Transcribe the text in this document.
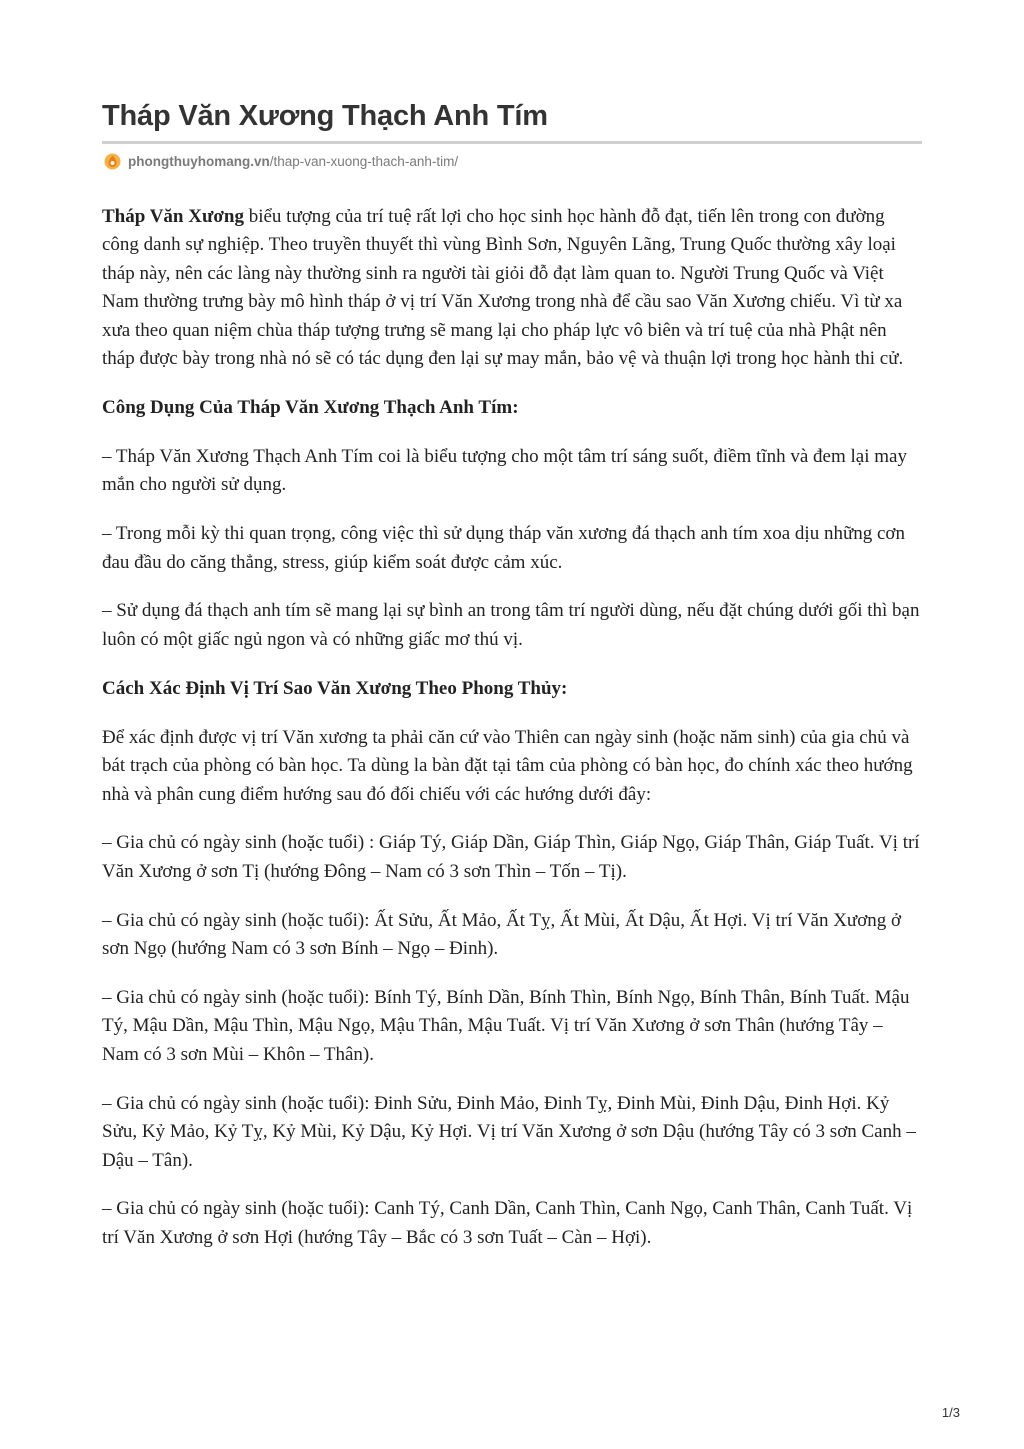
Tháp Văn Xương Thạch Anh Tím
phongthuyhomang.vn/thap-van-xuong-thach-anh-tim/

Tháp Văn Xương biểu tượng của trí tuệ rất lợi cho học sinh học hành đỗ đạt, tiến lên trong con đường công danh sự nghiệp. Theo truyền thuyết thì vùng Bình Sơn, Nguyên Lãng, Trung Quốc thường xây loại tháp này, nên các làng này thường sinh ra người tài giỏi đỗ đạt làm quan to. Người Trung Quốc và Việt Nam thường trưng bày mô hình tháp ở vị trí Văn Xương trong nhà để cầu sao Văn Xương chiếu. Vì từ xa xưa theo quan niệm chùa tháp tượng trưng sẽ mang lại cho pháp lực vô biên và trí tuệ của nhà Phật nên tháp được bày trong nhà nó sẽ có tác dụng đen lại sự may mắn, bảo vệ và thuận lợi trong học hành thi cử.

Công Dụng Của Tháp Văn Xương Thạch Anh Tím:

– Tháp Văn Xương Thạch Anh Tím coi là biểu tượng cho một tâm trí sáng suốt, điềm tĩnh và đem lại may mắn cho người sử dụng.

– Trong mỗi kỳ thi quan trọng, công việc thì sử dụng tháp văn xương đá thạch anh tím xoa dịu những cơn đau đầu do căng thẳng, stress, giúp kiểm soát được cảm xúc.

– Sử dụng đá thạch anh tím sẽ mang lại sự bình an trong tâm trí người dùng, nếu đặt chúng dưới gối thì bạn luôn có một giấc ngủ ngon và có những giấc mơ thú vị.

Cách Xác Định Vị Trí Sao Văn Xương Theo Phong Thủy:

Để xác định được vị trí Văn xương ta phải căn cứ vào Thiên can ngày sinh (hoặc năm sinh) của gia chủ và bát trạch của phòng có bàn học. Ta dùng la bàn đặt tại tâm của phòng có bàn học, đo chính xác theo hướng nhà và phân cung điểm hướng sau đó đối chiếu với các hướng dưới đây:

– Gia chủ có ngày sinh (hoặc tuổi) : Giáp Tý, Giáp Dần, Giáp Thìn, Giáp Ngọ, Giáp Thân, Giáp Tuất. Vị trí Văn Xương ở sơn Tị (hướng Đông – Nam có 3 sơn Thìn – Tốn – Tị).

– Gia chủ có ngày sinh (hoặc tuổi): Ất Sửu, Ất Mảo, Ất Tỵ, Ất Mùi, Ất Dậu, Ất Hợi. Vị trí Văn Xương ở sơn Ngọ (hướng Nam có 3 sơn Bính – Ngọ – Đinh).

– Gia chủ có ngày sinh (hoặc tuổi): Bính Tý, Bính Dần, Bính Thìn, Bính Ngọ, Bính Thân, Bính Tuất. Mậu Tý, Mậu Dần, Mậu Thìn, Mậu Ngọ, Mậu Thân, Mậu Tuất. Vị trí Văn Xương ở sơn Thân (hướng Tây – Nam có 3 sơn Mùi – Khôn – Thân).

– Gia chủ có ngày sinh (hoặc tuổi): Đinh Sửu, Đinh Mảo, Đinh Tỵ, Đinh Mùi, Đinh Dậu, Đinh Hợi. Kỷ Sửu, Kỷ Mảo, Kỷ Tỵ, Kỷ Mùi, Kỷ Dậu, Kỷ Hợi. Vị trí Văn Xương ở sơn Dậu (hướng Tây có 3 sơn Canh – Dậu – Tân).

– Gia chủ có ngày sinh (hoặc tuổi): Canh Tý, Canh Dần, Canh Thìn, Canh Ngọ, Canh Thân, Canh Tuất. Vị trí Văn Xương ở sơn Hợi (hướng Tây – Bắc có 3 sơn Tuất – Càn – Hợi).

1/3
